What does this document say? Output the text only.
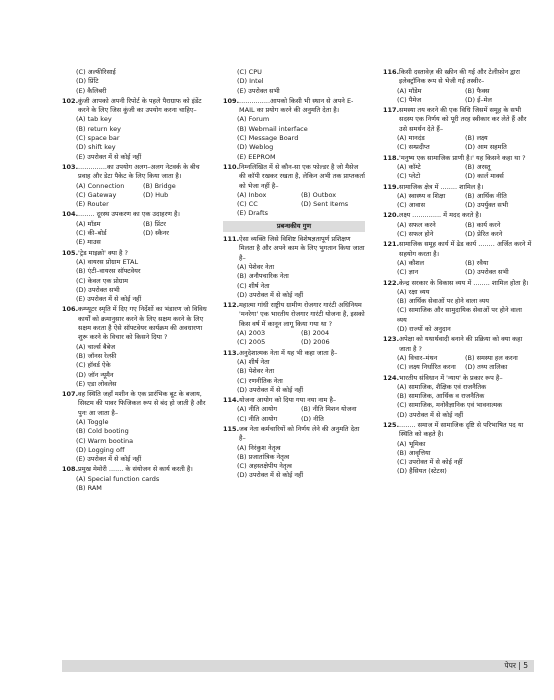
(C) अल्फीरिसाई
(D) प्रिंटि
(E) कैलिबरी
102. कुंजी आपको अपनी रिपोर्ट के पहले पैराग्राफ को इंडेंट करने के लिए जिस कुंजी का उपयोग करना चाहिए–
(A) tab key
(B) return key
(C) space bar
(D) shift key
(E) उपरोक्त में से कोई नहीं
103. ..............का उपयोग अलग–अलग नेटवर्क के बीच प्रवाह और डेटा पैकेट के लिए किया जाता है।
(A) Connection	(B) Bridge
(C) Gateway	(D) Hub
(E) Router
104. ........ दूरस्थ उपकरण का एक उदाहरण है।
(A) मॉडम	(B) प्रिंटर
(C) की–बोर्ड	(D) स्कैनर
(E) माउस
105. 'ट्रेड माइक्रो' क्या है ?
(A) वायरस प्रोग्राम ETAL
(B) एंटी–वायरस सॉफ्टवेयर
(C) केवल एक प्रोग्राम
(D) उपरोक्त सभी
(E) उपरोक्त में से कोई नहीं
106. कम्प्यूटर स्मृति में दिए गए निर्देशों का भंडारण जो विविध कार्यों को क्रमानुसार करने के लिए सक्षम करने के लिए सक्षम करता है ऐसे सॉफ्टवेयर कार्यक्रम की अवधारणा शुरू करने के विचार को किसने दिया ?
(A) चार्ल्स बैबेज
(B) जॉनस रेल्फ़ी
(C) हॉवर्ड ऐके
(D) जॉन न्यूमैन
(E) एडा लोवलेस
107. वह स्थिति जहाँ मशीन के एक प्रारंभिक बूट के बजाय, सिस्टम की पावर फिजिकल रूप से बंद हो जाती है और पुनः आ जाता है–
(A) Toggle
(B) Cold booting
(C) Warm bootina
(D) Logging off
(E) उपरोक्त में से कोई नहीं
108. प्रमुख मेमोरी ....... के संयोजन से कार्य करती है।
(A) Special function cards
(B) RAM
(C) CPU
(D) Intel
(E) उपरोक्त सभी
109. ...............आपको किसी भी स्थान से अपने E-MAIL का प्रयोग करने की अनुमति देता है।
(A) Forum
(B) Webmail interface
(C) Message Board
(D) Weblog
(E) EEPROM
110. निम्नलिखित में से कौन-सा एक फोल्डर है जो मैसेज की कॉपी रखकर रखता है, लेकिन अभी तक प्राप्तकर्ता को भेजा नहीं है–
(A) Inbox	(B) Outbox
(C) CC	(D) Sent Items
(E) Drafts
प्रबन्धकीय गुण
111. ऐसा व्यक्ति जिसे विशिष्ट विशेषज्ञतापूर्ण प्रशिक्षण मिलता है और अपने काम के लिए भुगतान किया जाता है–
(A) पेशेवर नेता
(B) अनौपचारिक नेता
(C) शीर्ष नेता
(D) उपरोक्त में से कोई नहीं
112. महात्मा गांधी राष्ट्रीय ग्रामीण रोजगार गारंटी अधिनियम 'मनरेगा' एक भारतीय रोजगार गारंटी योजना है, इसको किस वर्ष में कानून लागू किया गया था ?
(A) 2003	(B) 2004
(C) 2005	(D) 2006
113. अनुदेशात्मक नेता में यह भी कहा जाता है–
(A) शीर्ष नेता
(B) पेशेवर नेता
(C) रणनीतिक नेता
(D) उपरोक्त में से कोई नहीं
114. योजना आयोग को दिया गया नया नाम है–
(A) नीति आयोग	(B) नीति मिशन योजना
(C) नीति आयोग	(D) नीति
115. जब नेता कर्मचारियों को निर्णय लेने की अनुमति देता है–
(A) निरंकुश नेतृत्व
(B) प्रजातांत्रिक नेतृत्व
(C) अहस्तक्षेपीय नेतृत्व
(D) उपरोक्त में से कोई नहीं
116. किसी दस्तावेज़ की स्क्रीन की गई और टेलीफ़ोन द्वारा इलेक्ट्रॉनिक रूप से भेजी गई तस्वीर–
(A) मॉडेम	(B) फैक्स
(C) पैमेज	(D) ई–मेल
117. समस्या तय करने की एक विधि जिसमें समूह के सभी सदस्य एक निर्णय को पूरी तरह स्वीकार कर लेते हैं और उसे समर्थन देते हैं–
(A) मानदंड	(B) लक्ष्य
(C) सम्प्रदीप्त	(D) आम सहमति
118. 'मनुष्य एक सामाजिक प्राणी है।' यह किसने कहा था ?
(A) कॉम्टे	(B) अरस्तू
(C) प्लेटो	(D) कार्ल मार्क्स
119. सामाजिक क्षेत्र में ........ शामिल है।
(A) स्वास्थ्य व शिक्षा	(B) आर्थिक नीति
(C) आवास	(D) उपर्युक्त सभी
120. लक्ष्य .............. में मदद करते है।
(A) सफल करने	(B) कार्य करने
(C) सफल होने	(D) प्रेरित करने
121. सामाजिक समूह कार्य में ढेड कार्य ........ अर्जित करने में सहयोग करता है।
(A) कौशल	(B) रवैया
(C) ज्ञान	(D) उपरोक्त सभी
122. केन्द्र सरकार के विकास व्यय में ........ शामिल होता है।
(A) रक्षा व्यय
(B) आर्थिक सेवाओं पर होने वाला व्यय
(C) सामाजिक और सामुदायिक सेवाओं पर होने वाला व्यय
(D) राज्यों को अनुदान
123. अपेक्षा को यथार्थवादी बनाने की प्रक्रिया को क्या कहा जाता है ?
(A) विचार–मंथन	(B) समस्या हल करना
(C) लक्ष्य निर्धारित करना	(D) तथ्य तालिका
124. भारतीय संविधान में 'न्याय' के प्रकार रूप है–
(A) सामाजिक, शैक्षिक एवं राजनैतिक
(B) सामाजिक, आर्थिक व राजनैतिक
(C) सामाजिक, मनोवैज्ञानिक एवं भावनात्मक
(D) उपरोक्त में से कोई नहीं
125. ........ समाज में सामाजिक दृष्टि से परिभाषित पद या स्थिति को कहते है।
(A) भूमिका
(B) आवृत्तिया
(C) उपरोक्त में से कोई नहीं
(D) हैसियत (स्टेटस)
पेपर | 5
